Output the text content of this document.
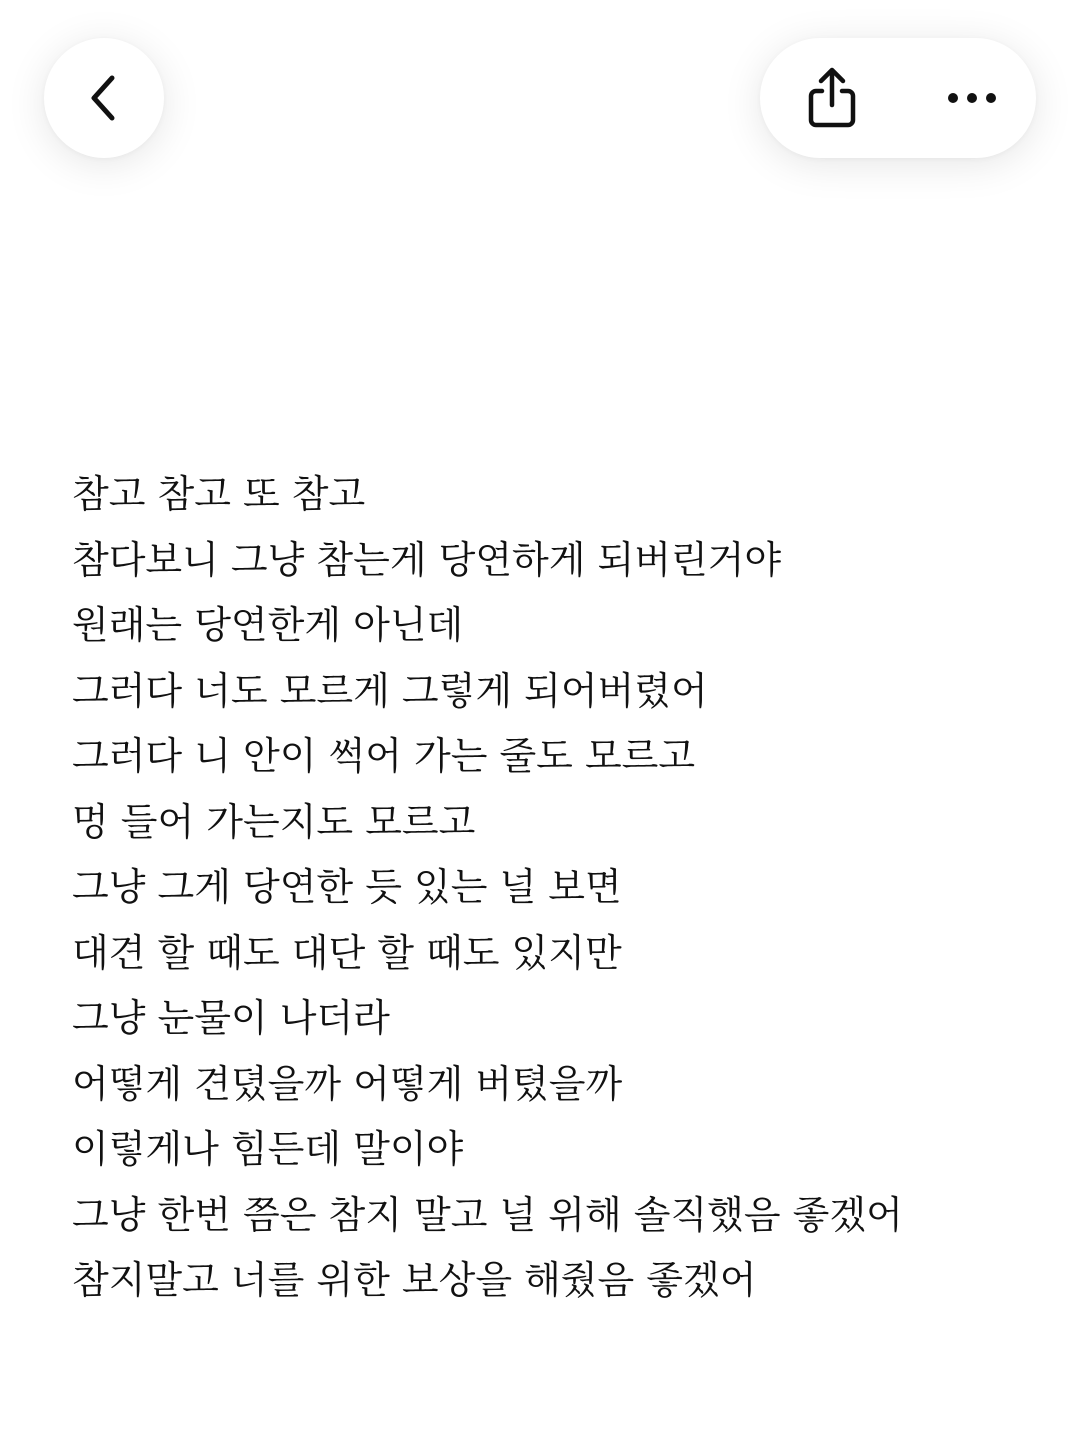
참고 참고 또 참고
참다보니 그냥 참는게 당연하게 되버린거야
원래는 당연한게 아닌데
그러다 너도 모르게 그렇게 되어버렸어
그러다 니 안이 썩어 가는 줄도 모르고
멍 들어 가는지도 모르고
그냥 그게 당연한 듯 있는 널 보면
대견 할 때도 대단 할 때도 있지만
그냥 눈물이 나더라
어떻게 견뎠을까 어떻게 버텼을까
이렇게나 힘든데 말이야
그냥 한번 쯤은 참지 말고 널 위해 솔직했음 좋겠어
참지말고 너를 위한 보상을 해줬음 좋겠어
